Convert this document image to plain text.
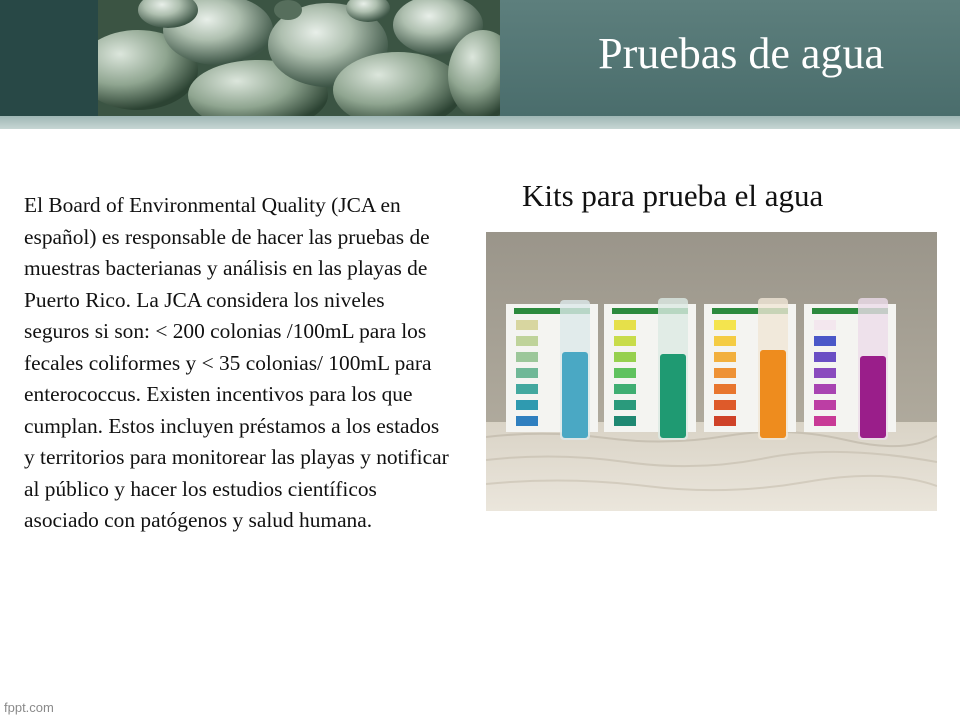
Pruebas de agua
Kits para prueba el agua
El Board of Environmental Quality (JCA en español) es responsable de hacer las pruebas de muestras bacterianas y análisis en las playas de Puerto Rico. La JCA considera los niveles seguros si son: < 200 colonias /100mL para los fecales coliformes y < 35 colonias/ 100mL para enterococcus. Existen incentivos para los que cumplan. Estos incluyen préstamos a los estados y territorios para monitorear las playas y notificar al público y hacer los estudios científicos asociado con patógenos y salud humana.
fppt.com
